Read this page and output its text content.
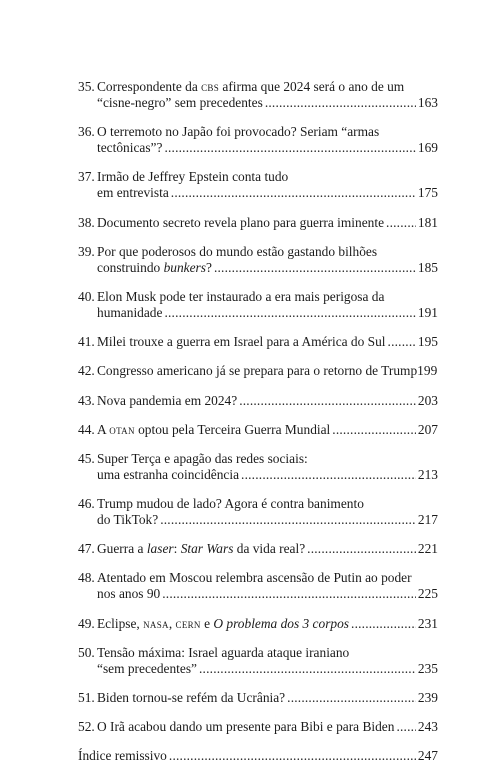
35. Correspondente da cbs afirma que 2024 será o ano de um
“cisne-negro” sem precedentes .....	163
36. O terremoto no Japão foi provocado? Seriam “armas
tectônicas”? .....	169
37. Irmão de Jeffrey Epstein conta tudo
em entrevista .....	175
38. Documento secreto revela plano para guerra iminente .....	181
39. Por que poderosos do mundo estão gastando bilhões
construindo bunkers? .....	185
40. Elon Musk pode ter instaurado a era mais perigosa da
humanidade .....	191
41. Milei trouxe a guerra em Israel para a América do Sul ..... 195
42. Congresso americano já se prepara para o retorno de Trump 199
43. Nova pandemia em 2024? .....	203
44. A otan optou pela Terceira Guerra Mundial .....	207
45. Super Terça e apagão das redes sociais:
uma estranha coincidência .....	213
46. Trump mudou de lado? Agora é contra banimento
do TikTok? .....	217
47. Guerra a laser: Star Wars da vida real? .....	221
48. Atentado em Moscou relembra ascensão de Putin ao poder
nos anos 90 .....	225
49. Eclipse, nasa, cern e O problema dos 3 corpos .....	231
50. Tensão máxima: Israel aguarda ataque iraniano
“sem precedentes” .....	235
51. Biden tornou-se refém da Ucrânia? .....	239
52. O Irã acabou dando um presente para Bibi e para Biden ..... 243
Índice remissivo .....	247
